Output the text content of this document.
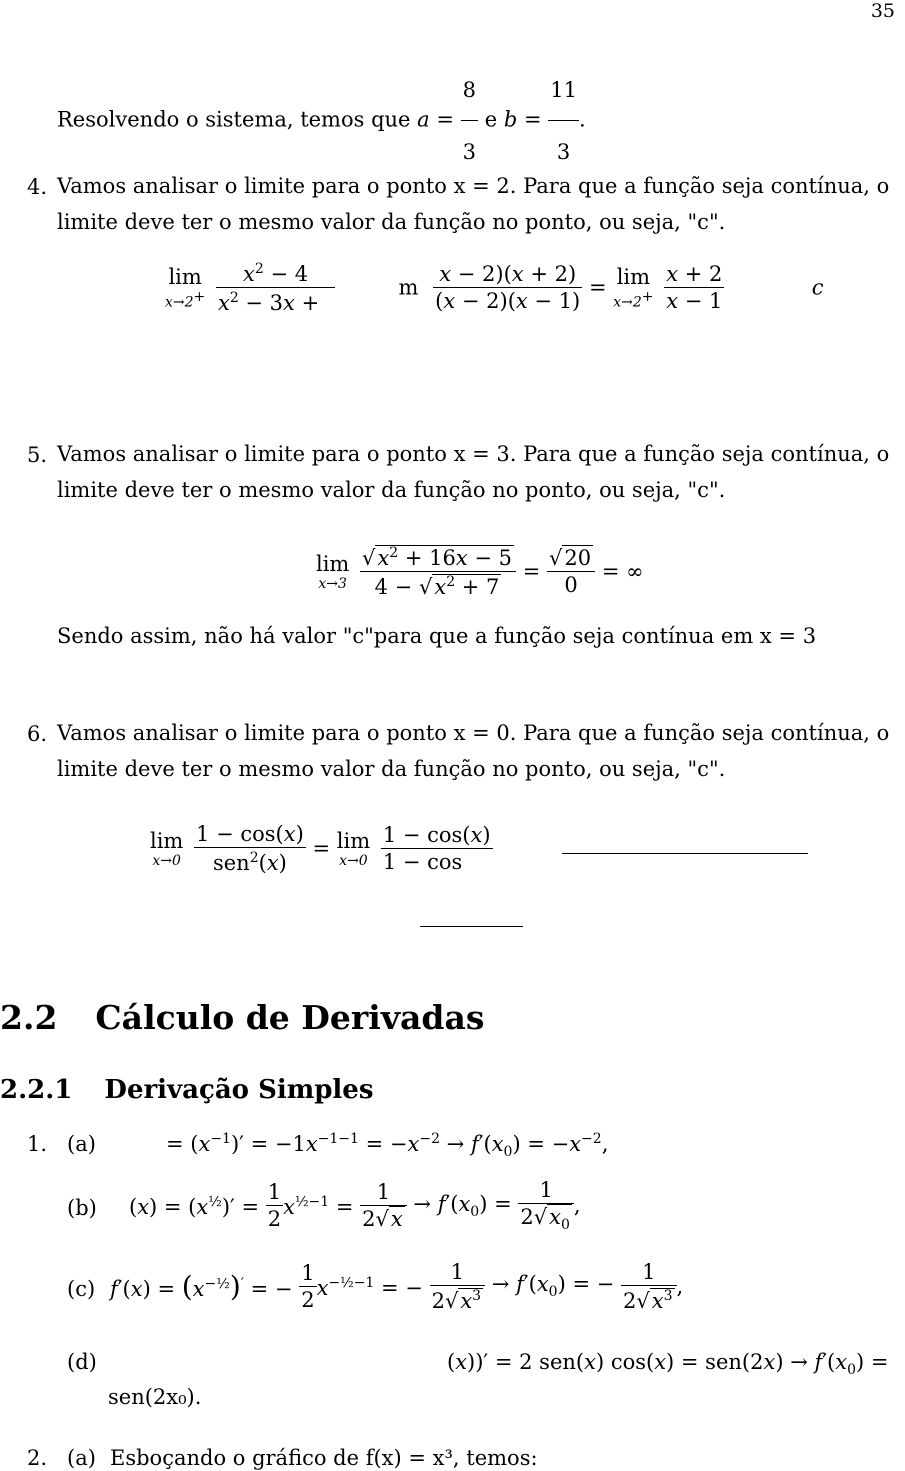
35
Resolvendo o sistema, temos que $a = \frac{8}{3}$ e $b = \frac{11}{3}$ .
4. Vamos analisar o limite para o ponto x = 2. Para que a função seja contínua, o
limite deve ter o mesmo valor da função no ponto, ou seja, "c".
lim
x→2+
$\frac{x^2 - 4}{x^2 - 3x +}$	m $\frac{x - 2)(x + 2)}{(x - 2)(x - 1)} = \lim$
x→2+
$\frac{x + 2}{x - 1}$	c
5. Vamos analisar o limite para o ponto x = 3. Para que a função seja contínua, o
limite deve ter o mesmo valor da função no ponto, ou seja, "c".
lim
x→3
$\frac{√x^2 + 16x - 5}{4 - √x^2 + 7} = \frac{√20}{0}$ = ∞
Sendo assim, não há valor "c"para que a função seja contínua em x = 3
6. Vamos analisar o limite para o ponto x = 0. Para que a função seja contínua, o
limite deve ter o mesmo valor da função no ponto, ou seja, "c".
lim
x→0
$\frac{1 - \cos(x)}{sen^2(x)} = \lim$
x→0
$\frac{1 - \cos(x)}{1 - \cos}$
2.2 Cálculo de Derivadas
2.2.1 Derivação Simples
1. (a)	= $(x^{-1})' = -1x^{-1-1} = -x^{-2} \to f'(x_0) = -x^{-2}$,
(b) $(x) = (x^{\frac{1}{2}})' = \frac{1}{2} x^{\frac{1}{2}-1} = \frac{1}{2√x} \to f'(x_0) = \frac{1}{2√x_0}$ ,
(c) $f'(x) = (x^{-\frac{1}{2}})'$ = − $\frac{1}{2} x^{-\frac{1}{2}-1}$ = − $\frac{1}{2√x^3} \to f'(x_0)$ = − $\frac{1}{2√x^3}$ ,
(d)	(x))′ = 2 sen(x) $\cos(x) = sen(2x) \to f'(x_0)$ =
sen(2x₀).
2. (a) Esboçando o gráfico de f(x) = x³, temos:
